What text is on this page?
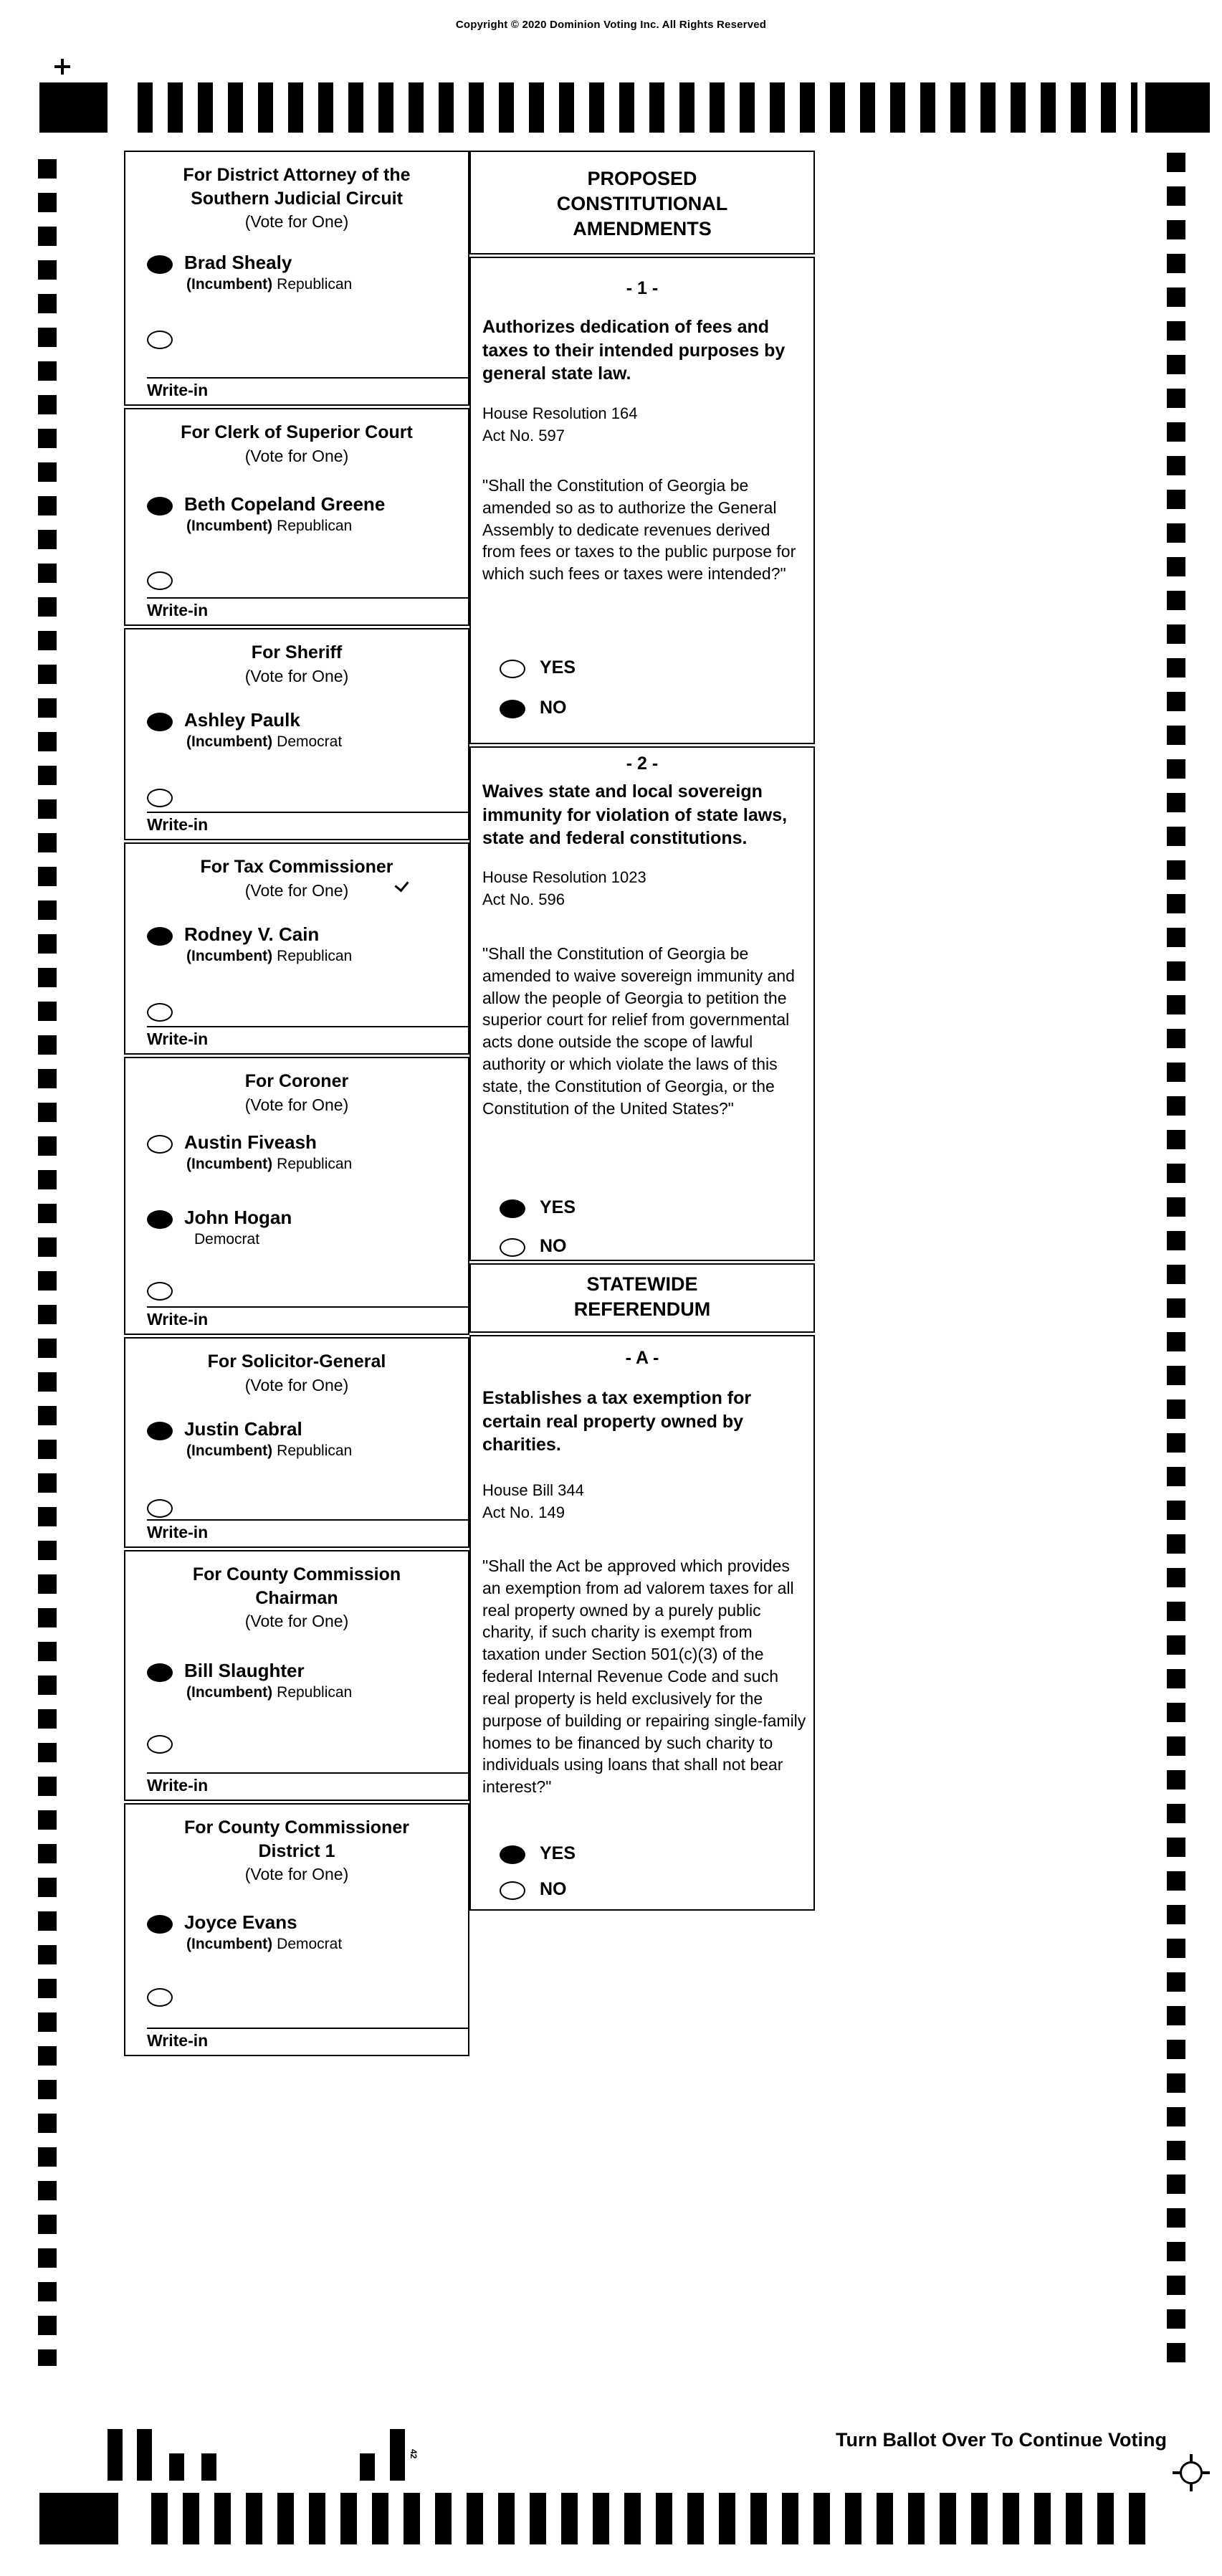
Copyright © 2020 Dominion Voting Inc. All Rights Reserved
For District Attorney of the
Southern Judicial Circuit
(Vote for One)
Brad Shealy
(Incumbent) Republican
Write-in
For Clerk of Superior Court
(Vote for One)
Beth Copeland Greene
(Incumbent) Republican
Write-in
For Sheriff
(Vote for One)
Ashley Paulk
(Incumbent) Democrat
Write-in
For Tax Commissioner
(Vote for One)
Rodney V. Cain
(Incumbent) Republican
Write-in
For Coroner
(Vote for One)
Austin Fiveash
(Incumbent) Republican
John Hogan
Democrat
Write-in
For Solicitor-General
(Vote for One)
Justin Cabral
(Incumbent) Republican
Write-in
For County Commission
Chairman
(Vote for One)
Bill Slaughter
(Incumbent) Republican
Write-in
For County Commissioner
District 1
(Vote for One)
Joyce Evans
(Incumbent) Democrat
Write-in
PROPOSED
CONSTITUTIONAL
AMENDMENTS
- 1 -
Authorizes dedication of fees and taxes to their intended purposes by general state law.
House Resolution 164
Act No. 597
"Shall the Constitution of Georgia be amended so as to authorize the General Assembly to dedicate revenues derived from fees or taxes to the public purpose for which such fees or taxes were intended?"
YES
NO
- 2 -
Waives state and local sovereign immunity for violation of state laws, state and federal constitutions.
House Resolution 1023
Act No. 596
"Shall the Constitution of Georgia be amended to waive sovereign immunity and allow the people of Georgia to petition the superior court for relief from governmental acts done outside the scope of lawful authority or which violate the laws of this state, the Constitution of Georgia, or the Constitution of the United States?"
YES
NO
STATEWIDE
REFERENDUM
- A -
Establishes a tax exemption for certain real property owned by charities.
House Bill 344
Act No. 149
"Shall the Act be approved which provides an exemption from ad valorem taxes for all real property owned by a purely public charity, if such charity is exempt from taxation under Section 501(c)(3) of the federal Internal Revenue Code and such real property is held exclusively for the purpose of building or repairing single-family homes to be financed by such charity to individuals using loans that shall not bear interest?"
YES
NO
Turn Ballot Over To Continue Voting
42
